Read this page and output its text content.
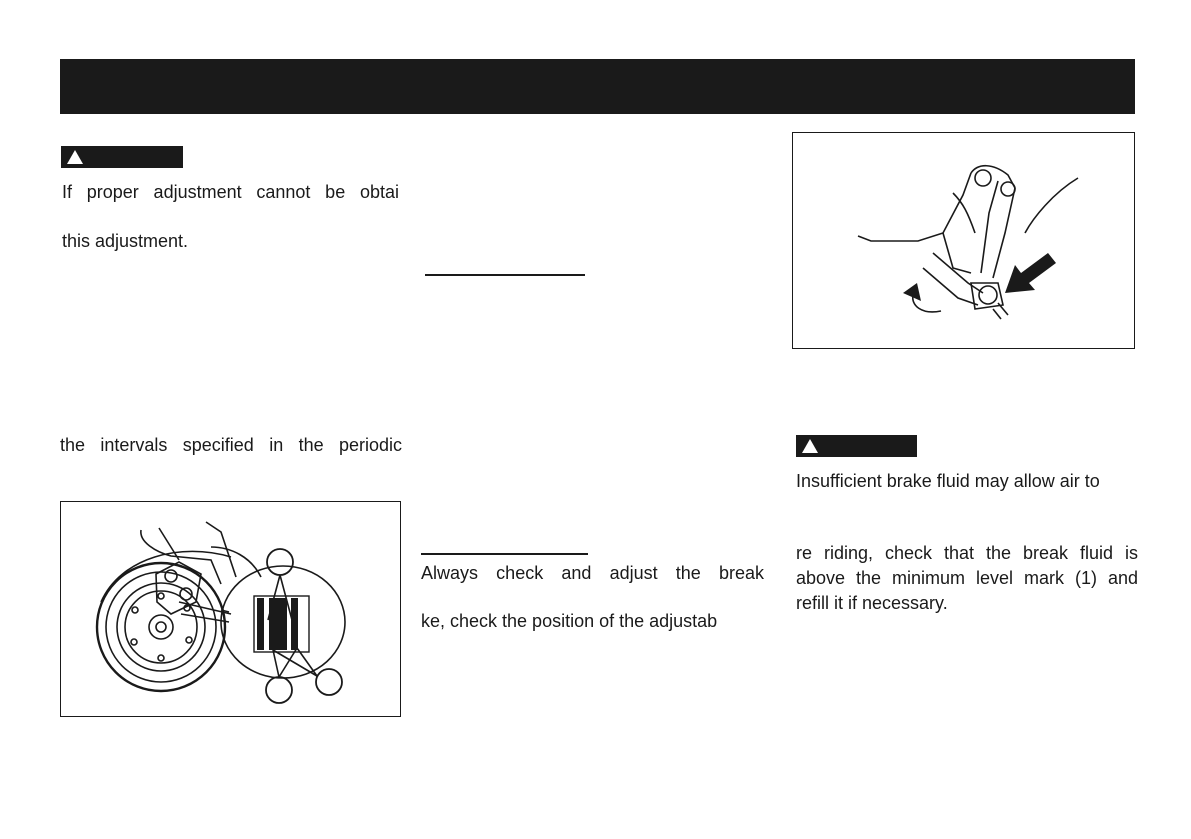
If proper adjustment cannot be obtai

this adjustment.

the intervals specified in the periodic

Always check and adjust the break

ke, check the position of the adjustab

Insufficient brake fluid may allow air to

re riding, check that the break fluid is

above the minimum level mark (1) and

refill it if necessary.
